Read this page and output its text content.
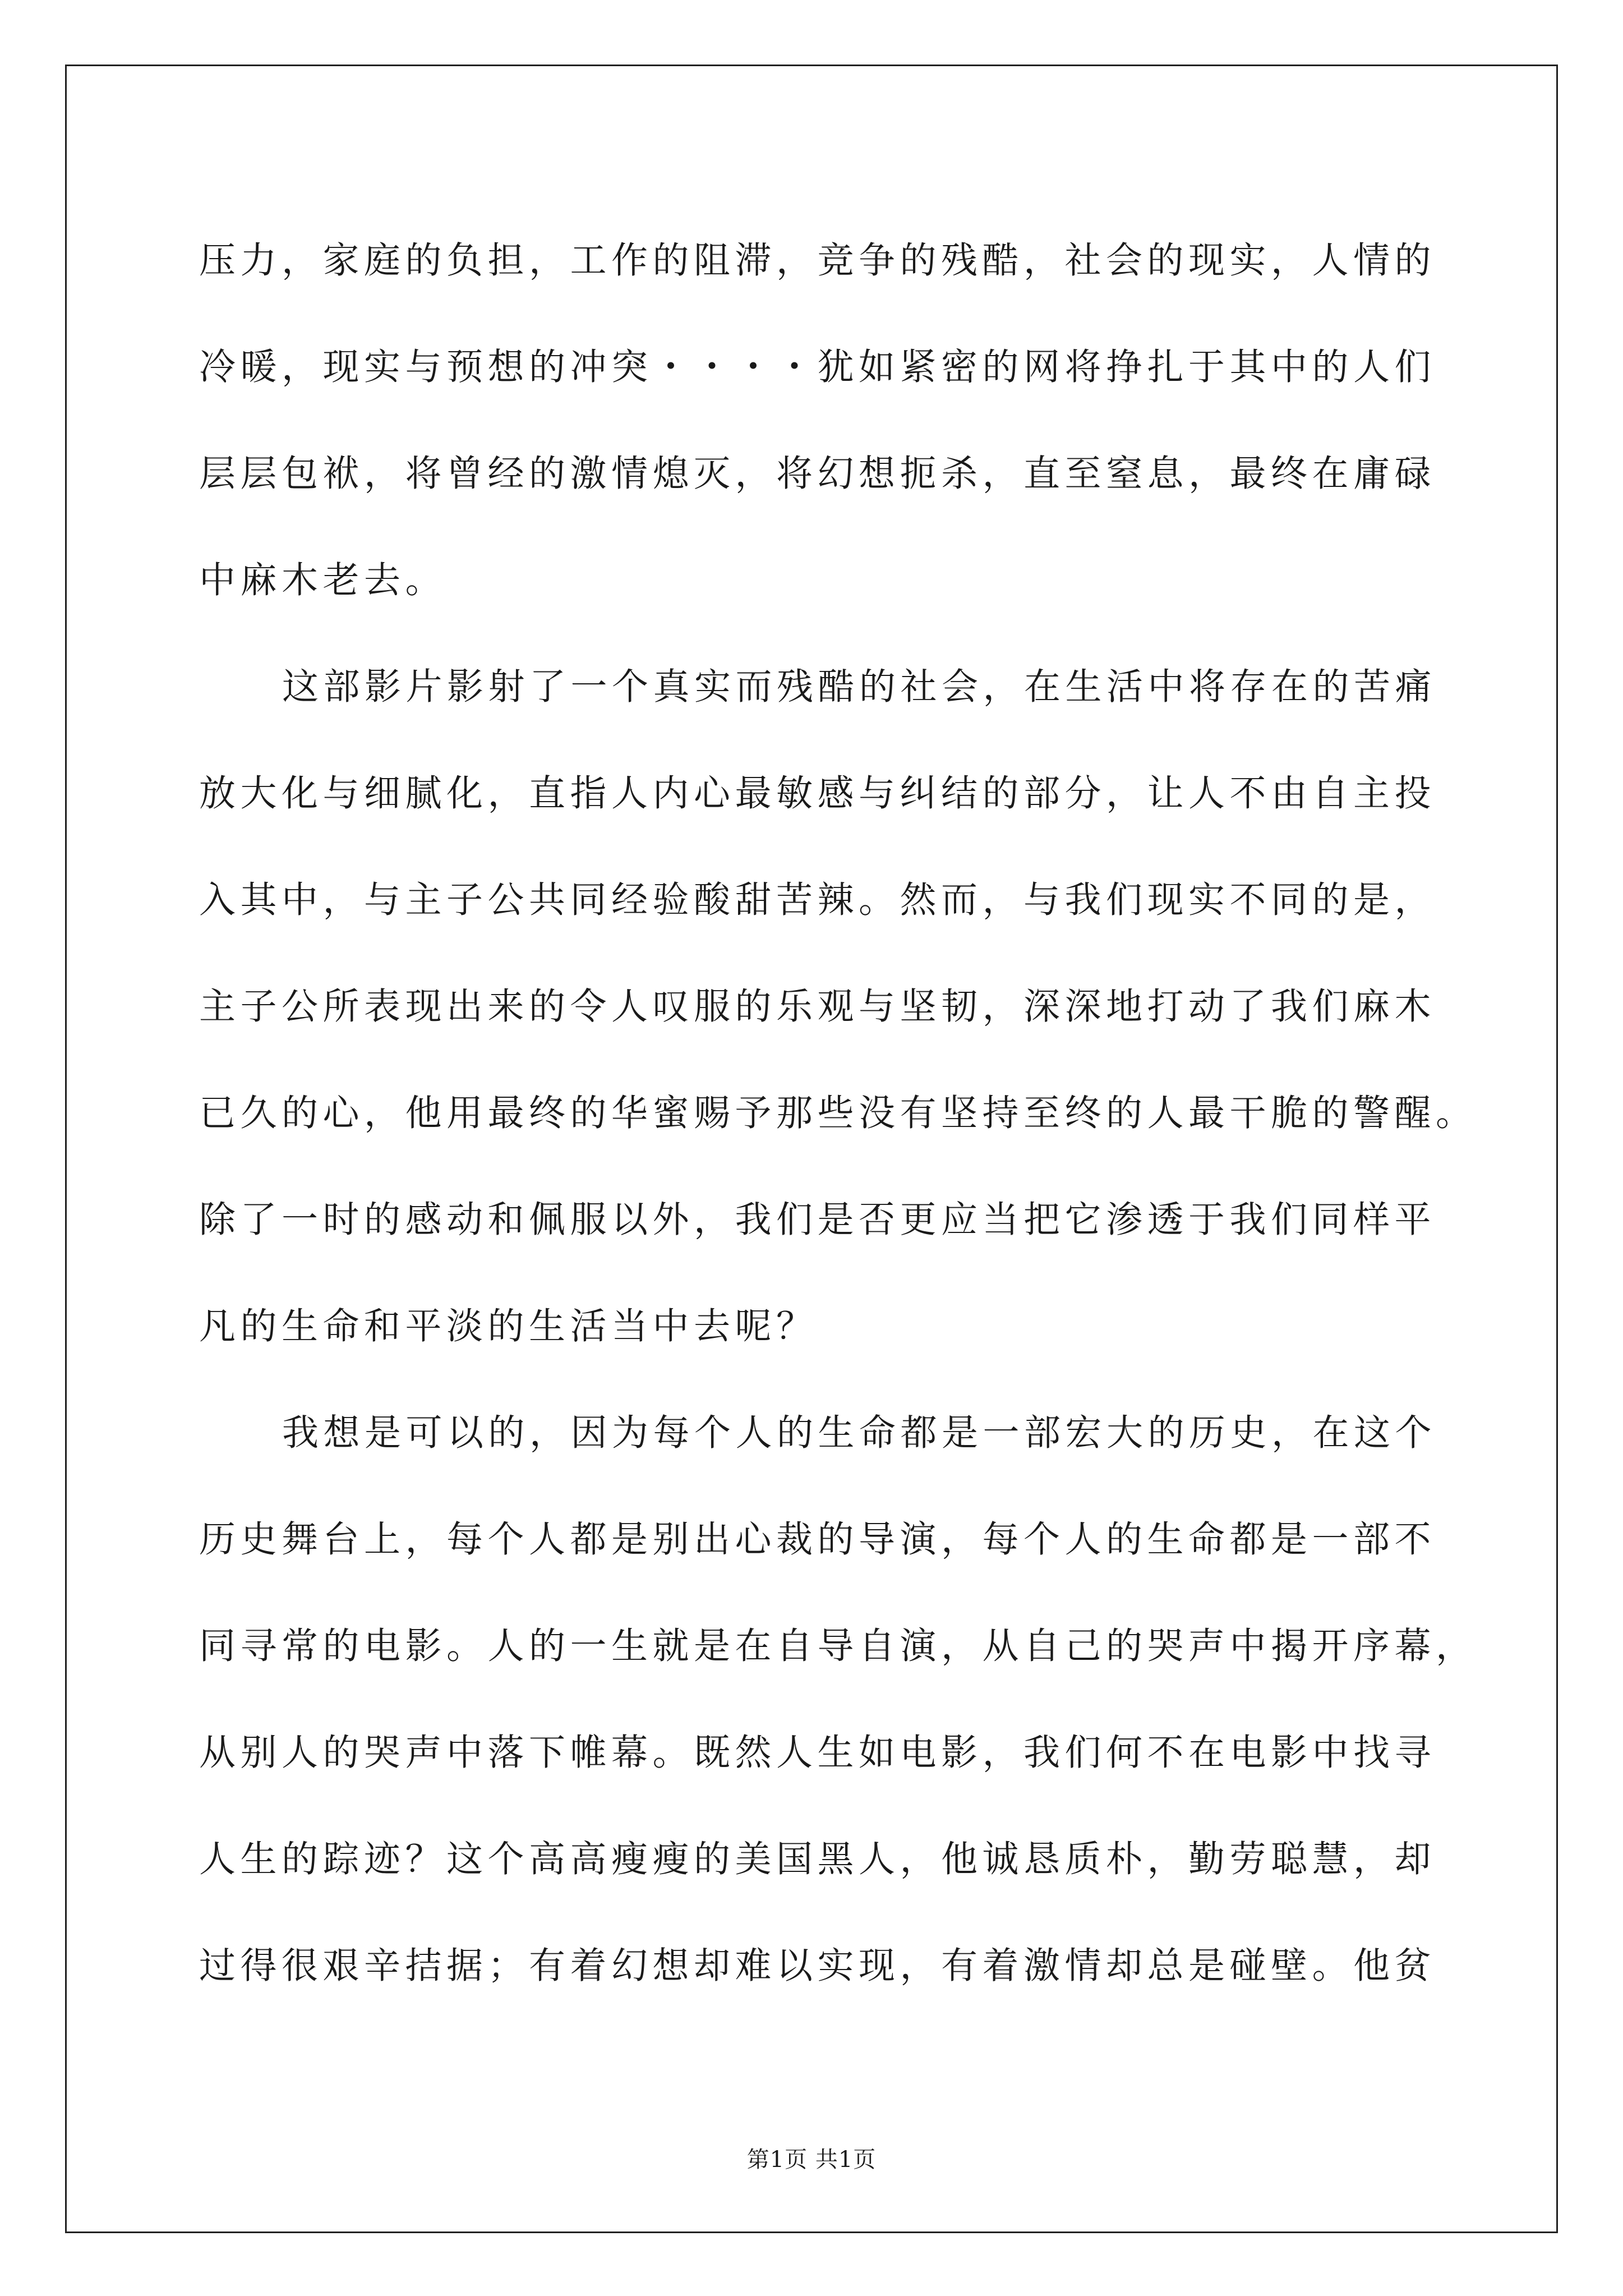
压力，家庭的负担，工作的阻滞，竞争的残酷，社会的现实，人情的
冷暖，现实与预想的冲突・・・・犹如紧密的网将挣扎于其中的人们
层层包袱，将曾经的激情熄灭，将幻想扼杀，直至窒息，最终在庸碌
中麻木老去。
这部影片影射了一个真实而残酷的社会，在生活中将存在的苦痛
放大化与细腻化，直指人内心最敏感与纠结的部分，让人不由自主投
入其中，与主子公共同经验酸甜苦辣。然而，与我们现实不同的是，
主子公所表现出来的令人叹服的乐观与坚韧，深深地打动了我们麻木
已久的心，他用最终的华蜜赐予那些没有坚持至终的人最干脆的警醒。
除了一时的感动和佩服以外，我们是否更应当把它渗透于我们同样平
凡的生命和平淡的生活当中去呢？
我想是可以的，因为每个人的生命都是一部宏大的历史，在这个
历史舞台上，每个人都是别出心裁的导演，每个人的生命都是一部不
同寻常的电影。人的一生就是在自导自演，从自己的哭声中揭开序幕，
从别人的哭声中落下帷幕。既然人生如电影，我们何不在电影中找寻
人生的踪迹？这个高高瘦瘦的美国黑人，他诚恳质朴，勤劳聪慧，却
过得很艰辛拮据；有着幻想却难以实现，有着激情却总是碰壁。他贫
第1页 共1页
